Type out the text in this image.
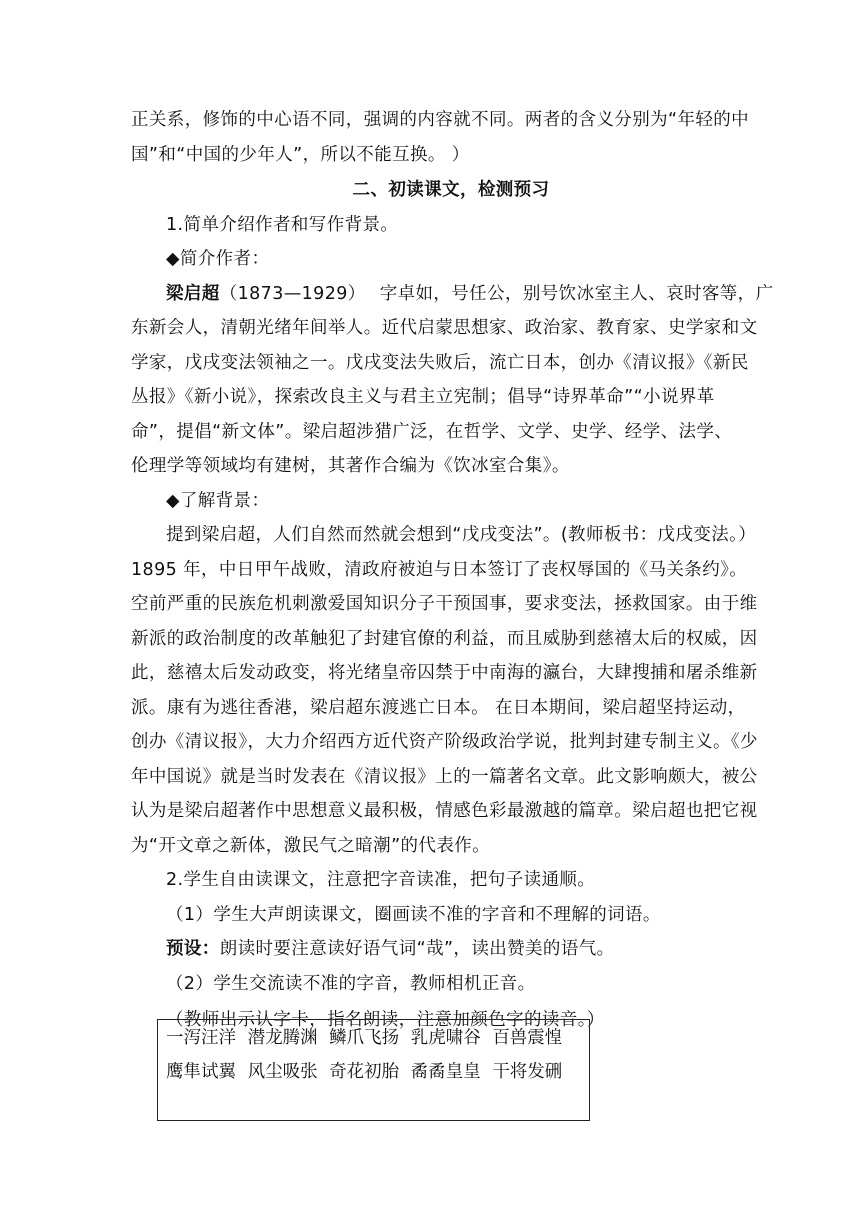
正关系，修饰的中心语不同，强调的内容就不同。两者的含义分别为“年轻的中
国”和“中国的少年人”，所以不能互换。 ）
二、初读课文，检测预习
1.简单介绍作者和写作背景。
◆简介作者：
梁启超（1873—1929） 字卓如，号任公，别号饮冰室主人、哀时客等，广
东新会人，清朝光绪年间举人。近代启蒙思想家、政治家、教育家、史学家和文
学家，戊戌变法领袖之一。戊戌变法失败后，流亡日本，创办《清议报》《新民
丛报》《新小说》，探索改良主义与君主立宪制；倡导“诗界革命”“小说界革
命”，提倡“新文体”。梁启超涉猎广泛，在哲学、文学、史学、经学、法学、
伦理学等领域均有建树，其著作合编为《饮冰室合集》。
◆了解背景：
提到梁启超，人们自然而然就会想到“戊戌变法”。(教师板书：戊戌变法。）
1895 年，中日甲午战败，清政府被迫与日本签订了丧权辱国的《马关条约》。
空前严重的民族危机刺激爱国知识分子干预国事，要求变法，拯救国家。由于维
新派的政治制度的改革触犯了封建官僚的利益，而且威胁到慈禧太后的权威，因
此，慈禧太后发动政变，将光绪皇帝囚禁于中南海的瀛台，大肆搜捕和屠杀维新
派。康有为逃往香港，梁启超东渡逃亡日本。 在日本期间，梁启超坚持运动，
创办《清议报》，大力介绍西方近代资产阶级政治学说，批判封建专制主义。《少
年中国说》就是当时发表在《清议报》上的一篇著名文章。此文影响颇大，被公
认为是梁启超著作中思想意义最积极，情感色彩最激越的篇章。梁启超也把它视
为“开文章之新体，激民气之暗潮”的代表作。
2.学生自由读课文，注意把字音读准，把句子读通顺。
（1）学生大声朗读课文，圈画读不准的字音和不理解的词语。
预设：朗读时要注意读好语气词“哉”，读出赞美的语气。
（2）学生交流读不准的字音，教师相机正音。
（教师出示认字卡，指名朗读，注意加颜色字的读音。）
一泻汪洋 潜龙腾渊 鳞爪飞扬 乳虎啸谷 百兽震惶
鹰隼试翼 风尘吸张 奇花初胎 矞矞皇皇 干将发硎
